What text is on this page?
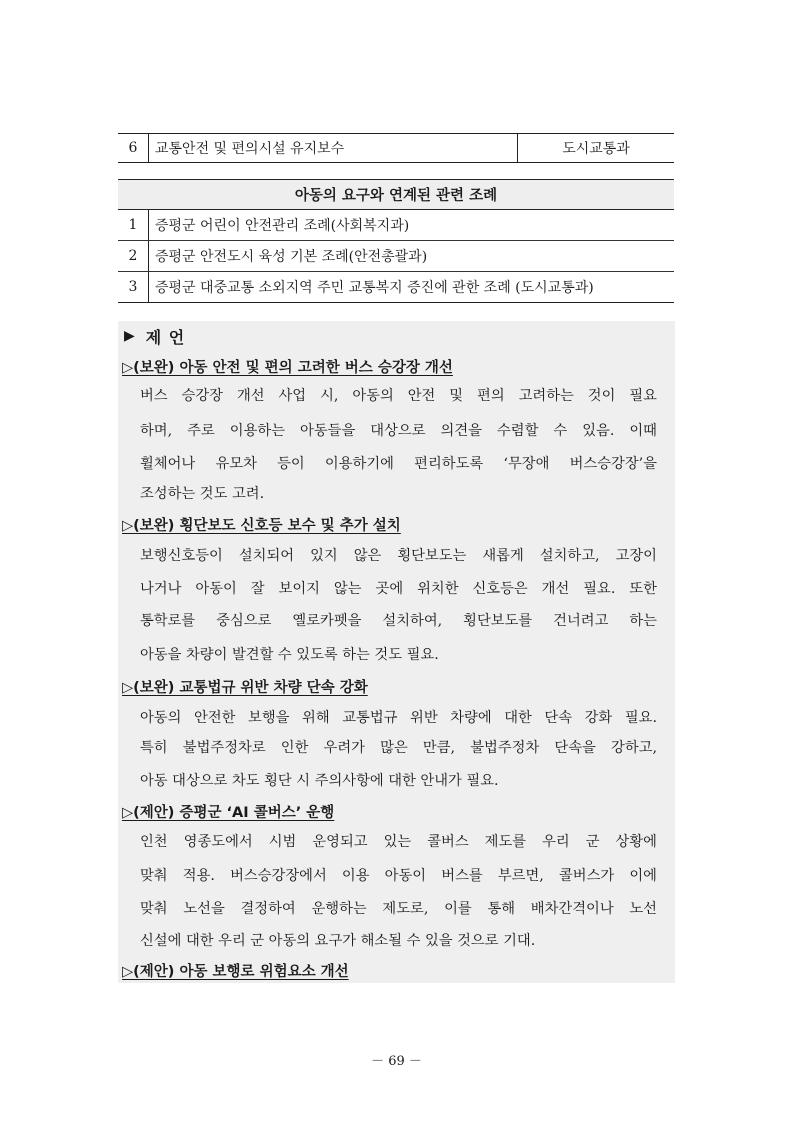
6	교통안전 및 편의시설 유지보수	도시교통과
아동의 요구와 연계된 관련 조례
1	증평군 어린이 안전관리 조례(사회복지과)
2	증평군 안전도시 육성 기본 조례(안전총괄과)
3	증평군 대중교통 소외지역 주민 교통복지 증진에 관한 조례 (도시교통과)
▶ 제 언
▷(보완) 아동 안전 및 편의 고려한 버스 승강장 개선
버스 승강장 개선 사업 시, 아동의 안전 및 편의 고려하는 것이 필요
하며, 주로 이용하는 아동들을 대상으로 의견을 수렴할 수 있음. 이때
휠체어나 유모차 등이 이용하기에 편리하도록 ‘무장애 버스승강장’을
조성하는 것도 고려.
▷(보완) 횡단보도 신호등 보수 및 추가 설치
보행신호등이 설치되어 있지 않은 횡단보도는 새롭게 설치하고, 고장이
나거나 아동이 잘 보이지 않는 곳에 위치한 신호등은 개선 필요. 또한
통학로를 중심으로 옐로카펫을 설치하여, 횡단보도를 건너려고 하는
아동을 차량이 발견할 수 있도록 하는 것도 필요.
▷(보완) 교통법규 위반 차량 단속 강화
아동의 안전한 보행을 위해 교통법규 위반 차량에 대한 단속 강화 필요.
특히 불법주정차로 인한 우려가 많은 만큼, 불법주정차 단속을 강하고,
아동 대상으로 차도 횡단 시 주의사항에 대한 안내가 필요.
▷(제안) 증평군 ‘AI 콜버스’ 운행
인천 영종도에서 시범 운영되고 있는 콜버스 제도를 우리 군 상황에
맞춰 적용. 버스승강장에서 이용 아동이 버스를 부르면, 콜버스가 이에
맞춰 노선을 결정하여 운행하는 제도로, 이를 통해 배차간격이나 노선
신설에 대한 우리 군 아동의 요구가 해소될 수 있을 것으로 기대.
▷(제안) 아동 보행로 위험요소 개선
－ 69 －
